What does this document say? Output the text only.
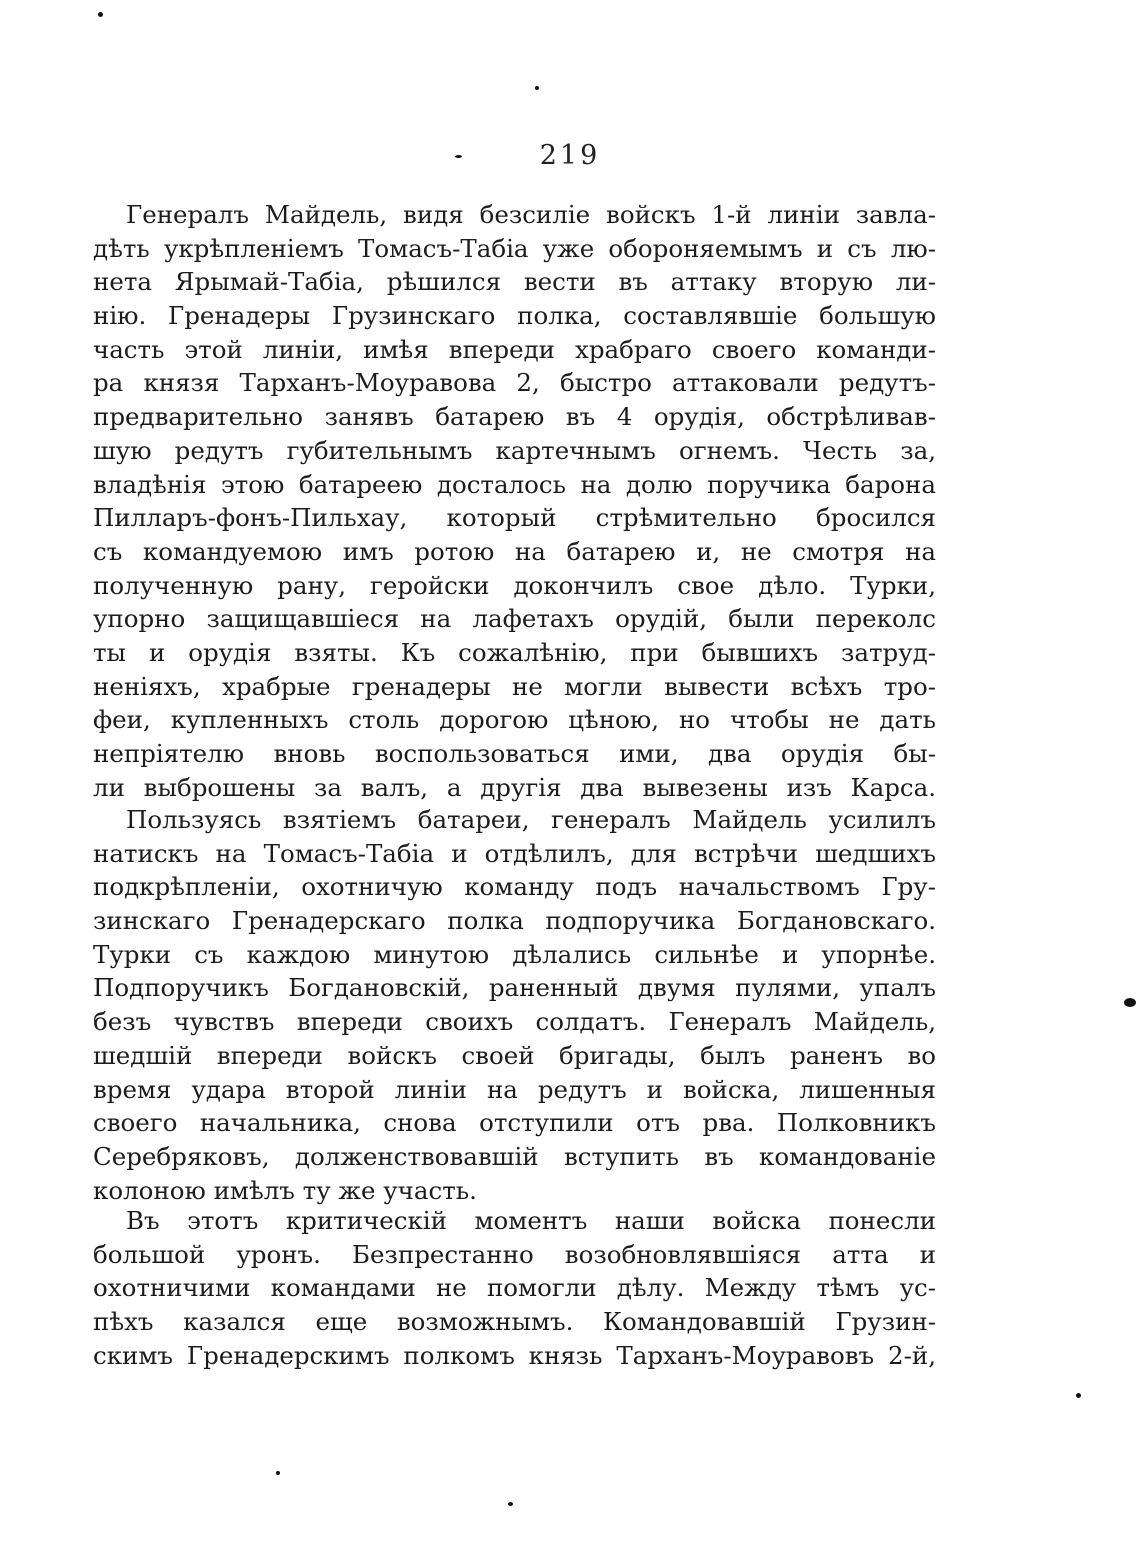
219
Генералъ Майдель, видя безсиліе войскъ 1-й линіи завла-
дѣть укрѣпленіемъ Томасъ-Табіа уже обороняемымъ и съ лю-
нета Ярымай-Табіа, рѣшился вести въ аттаку вторую ли-
нію. Гренадеры Грузинскаго полка, составлявшіе большую
часть этой линіи, имѣя впереди храбраго своего команди-
ра князя Тарханъ-Моуравова 2, быстро аттаковали редутъ-
предварительно занявъ батарею въ 4 орудія, обстрѣливав-
шую редутъ губительнымъ картечнымъ огнемъ. Честь за,
владѣнія этою батареею досталось на долю поручика барона
Пилларъ-фонъ-Пильхау, который стрѣмительно бросился
съ командуемою имъ ротою на батарею и, не смотря на
полученную рану, геройски докончилъ свое дѣло. Турки,
упорно защищавшіеся на лафетахъ орудій, были переколс
ты и орудія взяты. Къ сожалѣнію, при бывшихъ затруд-
неніяхъ, храбрые гренадеры не могли вывести всѣхъ тро-
феи, купленныхъ столь дорогою цѣною, но чтобы не дать
непріятелю вновь воспользоваться ими, два орудія бы-
ли выброшены за валъ, а другія два вывезены изъ Карса.
Пользуясь взятіемъ батареи, генералъ Майдель усилилъ
натискъ на Томасъ-Табіа и отдѣлилъ, для встрѣчи шедшихъ
подкрѣпленіи, охотничую команду подъ начальствомъ Гру-
зинскаго Гренадерскаго полка подпоручика Богдановскаго.
Турки съ каждою минутою дѣлались сильнѣе и упорнѣе.
Подпоручикъ Богдановскій, раненный двумя пулями, упалъ
безъ чувствъ впереди своихъ солдатъ. Генералъ Майдель,
шедшій впереди войскъ своей бригады, былъ раненъ во
время удара второй линіи на редутъ и войска, лишенныя
своего начальника, снова отступили отъ рва. Полковникъ
Серебряковъ, долженствовавшій вступить въ командованіе
колоною имѣлъ ту же участь.
Въ этотъ критическій моментъ наши войска понесли
большой уронъ. Безпрестанно возобновлявшіяся атта и
охотничими командами не помогли дѣлу. Между тѣмъ ус-
пѣхъ казался еще возможнымъ. Командовавшій Грузин-
скимъ Гренадерскимъ полкомъ князь Тарханъ-Моуравовъ 2-й,
